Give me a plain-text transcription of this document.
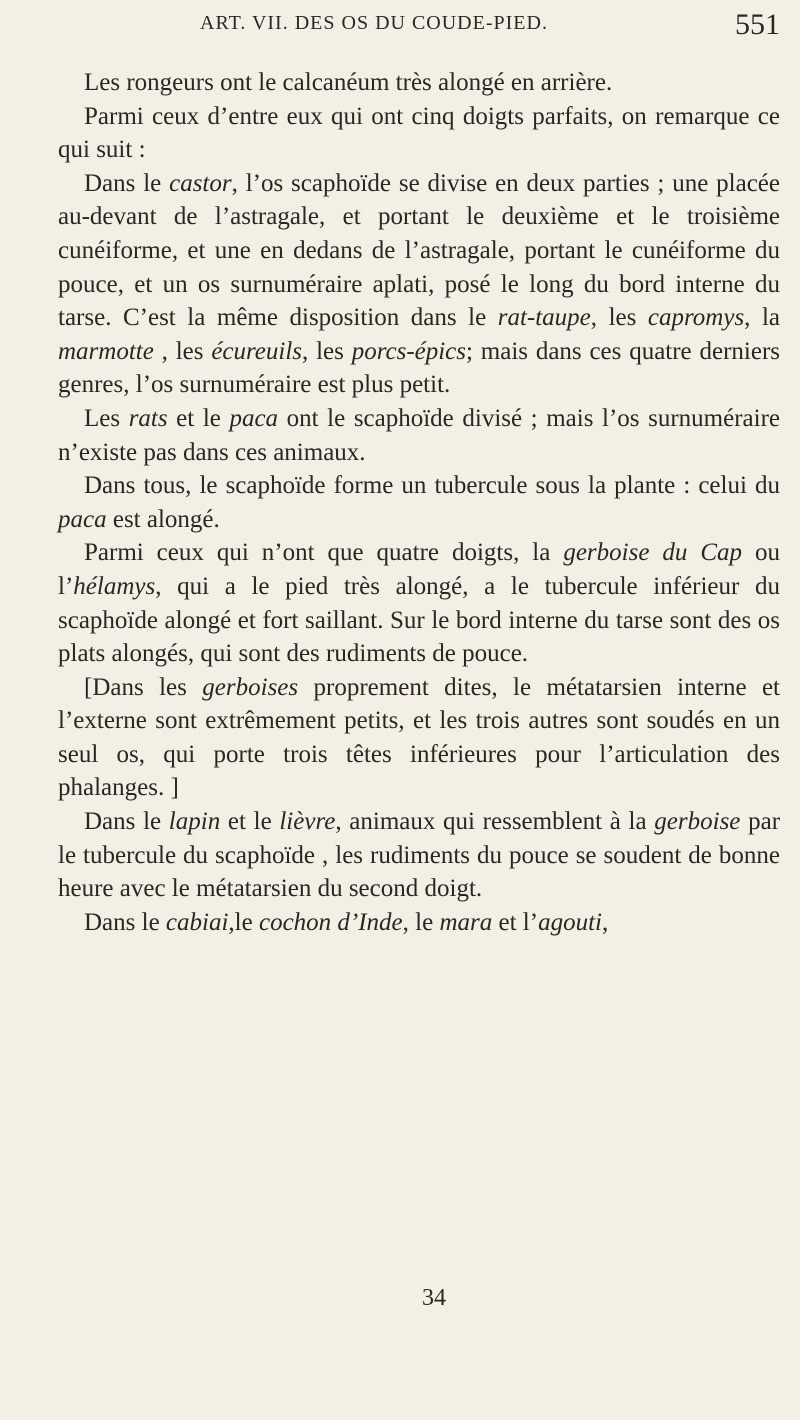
ART. VII. DES OS DU COUDE-PIED.	551

Les rongeurs ont le calcanéum très alongé en arrière.

Parmi ceux d’entre eux qui ont cinq doigts parfaits, on remarque ce qui suit :

Dans le castor, l’os scaphoïde se divise en deux parties ; une placée au-devant de l’astragale, et portant le deuxième et le troisième cunéiforme, et une en dedans de l’astragale, portant le cunéiforme du pouce, et un os surnuméraire aplati, posé le long du bord interne du tarse. C’est la même disposition dans le rat-taupe, les capromys, la marmotte , les écureuils, les porcs-épics; mais dans ces quatre derniers genres, l’os surnuméraire est plus petit.

Les rats et le paca ont le scaphoïde divisé ; mais l’os surnuméraire n’existe pas dans ces animaux.

Dans tous, le scaphoïde forme un tubercule sous la plante : celui du paca est alongé.

Parmi ceux qui n’ont que quatre doigts, la gerboise du Cap ou l’hélamys, qui a le pied très alongé, a le tubercule inférieur du scaphoïde alongé et fort saillant. Sur le bord interne du tarse sont des os plats alongés, qui sont des rudiments de pouce.

[Dans les gerboises proprement dites, le métatarsien interne et l’externe sont extrêmement petits, et les trois autres sont soudés en un seul os, qui porte trois têtes inférieures pour l’articulation des phalanges. ]

Dans le lapin et le lièvre, animaux qui ressemblent à la gerboise par le tubercule du scaphoïde , les rudiments du pouce se soudent de bonne heure avec le métatarsien du second doigt.

Dans le cabiai,le cochon d’Inde, le mara et l’agouti,

34
